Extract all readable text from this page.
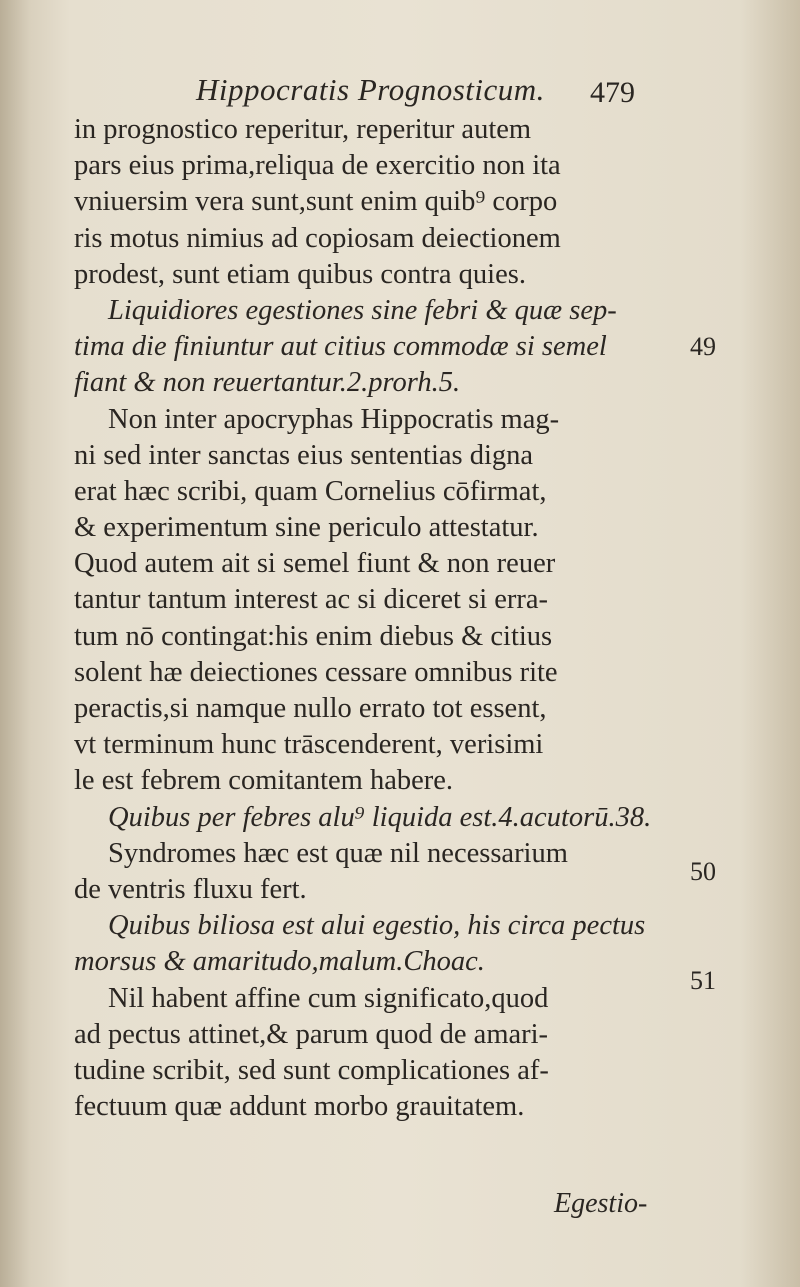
Hippocratis Prognosticum. 479
in prognostico reperitur, reperitur autem
pars eius prima,reliqua de exercitio non ita
vniuersim vera sunt,sunt enim quib⁹ corpo
ris motus nimius ad copiosam deiectionem
prodest, sunt etiam quibus contra quies.
Liquidiores egestiones sine febri & quæ sep-
tima die finiuntur aut citius commodæ si semel
fiant & non reuertantur.2.prorh.5.
Non inter apocryphas Hippocratis mag-
ni sed inter sanctas eius sententias digna
erat hæc scribi, quam Cornelius cōfirmat,
& experimentum sine periculo attestatur.
Quod autem ait si semel fiunt & non reuer
tantur tantum interest ac si diceret si erra-
tum nō contingat:his enim diebus & citius
solent hæ deiectiones cessare omnibus rite
peractis,si namque nullo errato tot essent,
vt terminum hunc trāscenderent, verisimi
le est febrem comitantem habere.
Quibus per febres alu⁹ liquida est.4.acutorū.38.
Syndromes hæc est quæ nil necessarium
de ventris fluxu fert.
Quibus biliosa est alui egestio, his circa pectus
morsus & amaritudo,malum.Choac.
Nil habent affine cum significato,quod
ad pectus attinet,& parum quod de amari-
tudine scribit, sed sunt complicationes af-
fectuum quæ addunt morbo grauitatem.
49
50
51
Egestio-
